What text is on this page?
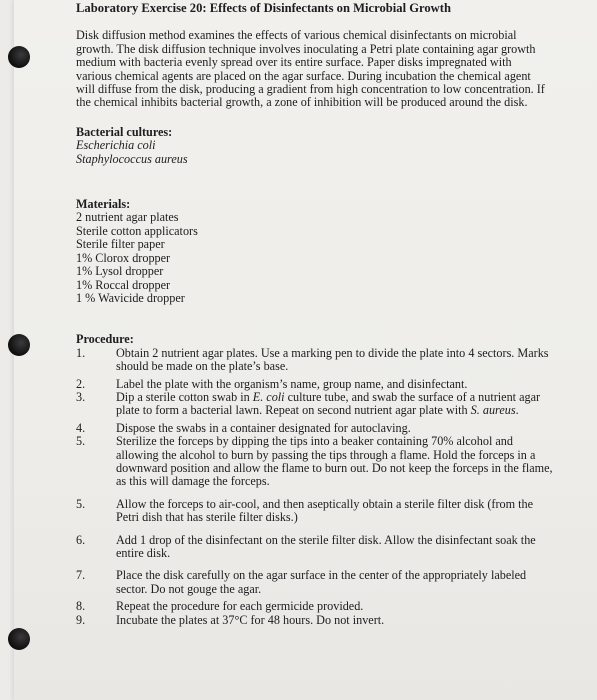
Laboratory Exercise 20: Effects of Disinfectants on Microbial Growth

Disk diffusion method examines the effects of various chemical disinfectants on microbial growth. The disk diffusion technique involves inoculating a Petri plate containing agar growth medium with bacteria evenly spread over its entire surface. Paper disks impregnated with various chemical agents are placed on the agar surface. During incubation the chemical agent will diffuse from the disk, producing a gradient from high concentration to low concentration. If the chemical inhibits bacterial growth, a zone of inhibition will be produced around the disk.

Bacterial cultures:

Escherichia coli

Staphylococcus aureus

Materials:

2 nutrient agar plates

Sterile cotton applicators

Sterile filter paper

1% Clorox dropper

1% Lysol dropper

1% Roccal dropper

1 % Wavicide dropper

Procedure:

1.	Obtain 2 nutrient agar plates. Use a marking pen to divide the plate into 4 sectors. Marks should be made on the plate’s base.
2.	Label the plate with the organism’s name, group name, and disinfectant.
3.	Dip a sterile cotton swab in E. coli culture tube, and swab the surface of a nutrient agar plate to form a bacterial lawn. Repeat on second nutrient agar plate with S. aureus.
4.	Dispose the swabs in a container designated for autoclaving.
5.	Sterilize the forceps by dipping the tips into a beaker containing 70% alcohol and allowing the alcohol to burn by passing the tips through a flame. Hold the forceps in a downward position and allow the flame to burn out. Do not keep the forceps in the flame, as this will damage the forceps.
5.	Allow the forceps to air-cool, and then aseptically obtain a sterile filter disk (from the Petri dish that has sterile filter disks.)
6.	Add 1 drop of the disinfectant on the sterile filter disk. Allow the disinfectant soak the entire disk.
7.	Place the disk carefully on the agar surface in the center of the appropriately labeled sector. Do not gouge the agar.
8.	Repeat the procedure for each germicide provided.
9.	Incubate the plates at 37°C for 48 hours. Do not invert.
